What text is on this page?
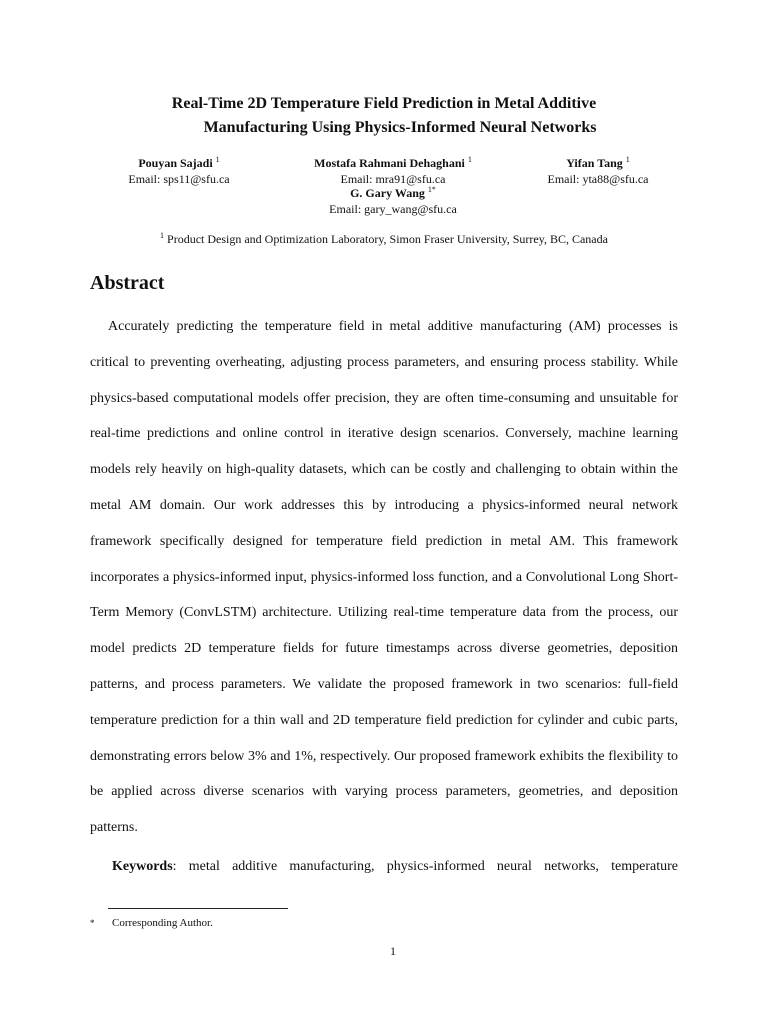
Real-Time 2D Temperature Field Prediction in Metal Additive
Manufacturing Using Physics-Informed Neural Networks
Pouyan Sajadi $^1$
Email: sps11@sfu.ca
Mostafa Rahmani Dehaghani $^1$
Email: mra91@sfu.ca
Yifan Tang $^1$
Email: yta88@sfu.ca
G. Gary Wang $^{1*}$
Email: gary_wang@sfu.ca
$^1$ Product Design and Optimization Laboratory, Simon Fraser University, Surrey, BC, Canada
Abstract

Accurately predicting the temperature field in metal additive manufacturing (AM) processes is critical to preventing overheating, adjusting process parameters, and ensuring process stability. While physics-based computational models offer precision, they are often time-consuming and unsuitable for real-time predictions and online control in iterative design scenarios. Conversely, machine learning models rely heavily on high-quality datasets, which can be costly and challenging to obtain within the metal AM domain. Our work addresses this by introducing a physics-informed neural network framework specifically designed for temperature field prediction in metal AM. This framework incorporates a physics-informed input, physics-informed loss function, and a Convolutional Long Short-Term Memory (ConvLSTM) architecture. Utilizing real-time temperature data from the process, our model predicts 2D temperature fields for future timestamps across diverse geometries, deposition patterns, and process parameters. We validate the proposed framework in two scenarios: full-field temperature prediction for a thin wall and 2D temperature field prediction for cylinder and cubic parts, demonstrating errors below 3% and 1%, respectively. Our proposed framework exhibits the flexibility to be applied across diverse scenarios with varying process parameters, geometries, and deposition patterns.

Keywords: metal additive manufacturing, physics-informed neural networks, temperature
* Corresponding Author.
1
